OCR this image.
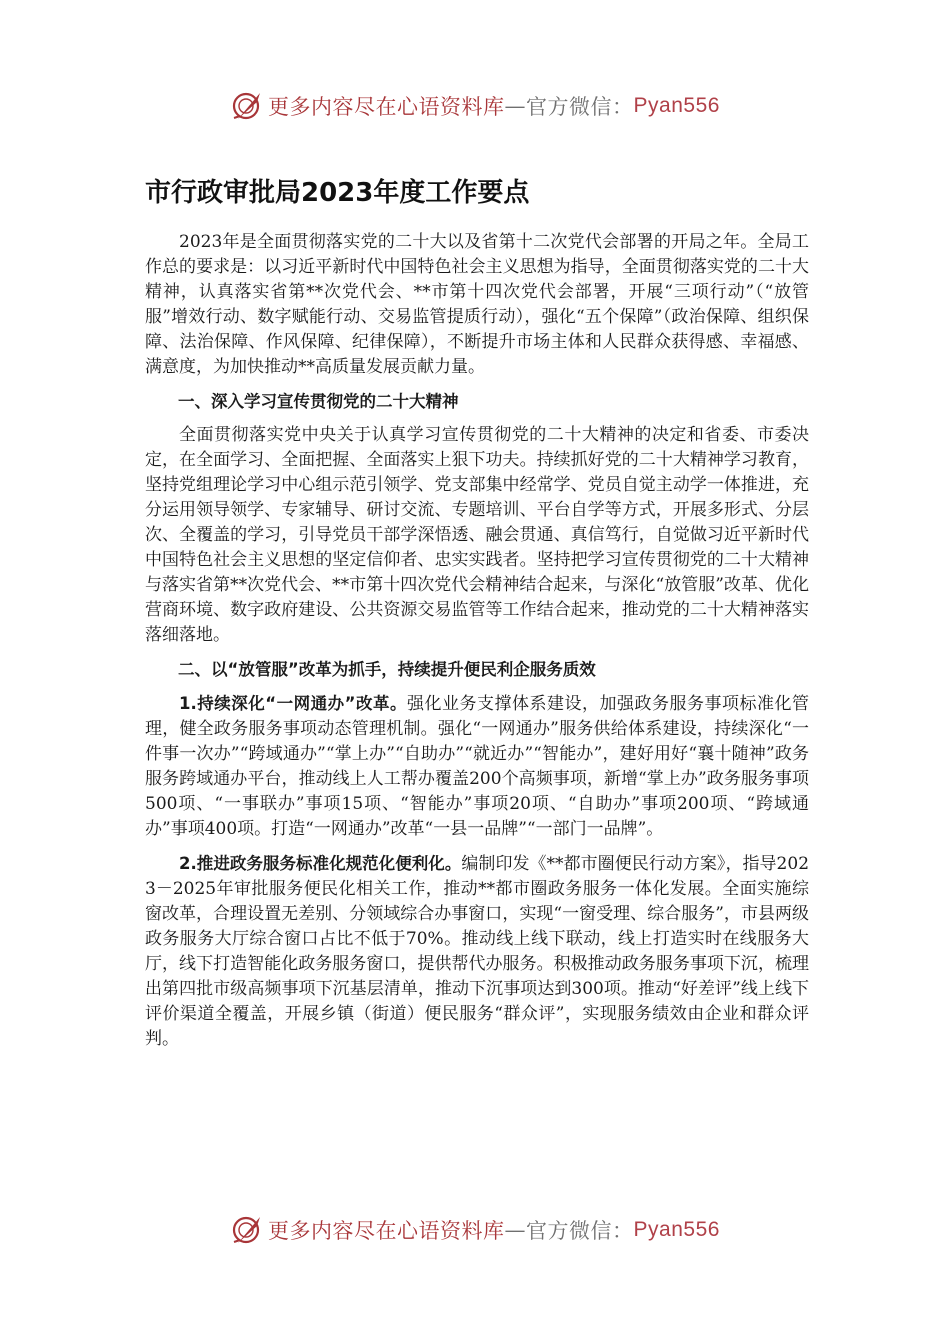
更多内容尽在心语资料库 — 官方微信： Pyan556
市行政审批局2023年度工作要点

2023年是全面贯彻落实党的二十大以及省第十二次党代会部署的开局之年。全局工作总的要求是：以习近平新时代中国特色社会主义思想为指导，全面贯彻落实党的二十大精神，认真落实省第**次党代会、**市第十四次党代会部署，开展“三项行动”（“放管服”增效行动、数字赋能行动、交易监管提质行动），强化“五个保障”（政治保障、组织保障、法治保障、作风保障、纪律保障），不断提升市场主体和人民群众获得感、幸福感、满意度，为加快推动**高质量发展贡献力量。

一、深入学习宣传贯彻党的二十大精神

全面贯彻落实党中央关于认真学习宣传贯彻党的二十大精神的决定和省委、市委决定，在全面学习、全面把握、全面落实上狠下功夫。持续抓好党的二十大精神学习教育，坚持党组理论学习中心组示范引领学、党支部集中经常学、党员自觉主动学一体推进，充分运用领导领学、专家辅导、研讨交流、专题培训、平台自学等方式，开展多形式、分层次、全覆盖的学习，引导党员干部学深悟透、融会贯通、真信笃行，自觉做习近平新时代中国特色社会主义思想的坚定信仰者、忠实实践者。坚持把学习宣传贯彻党的二十大精神与落实省第**次党代会、**市第十四次党代会精神结合起来，与深化“放管服”改革、优化营商环境、数字政府建设、公共资源交易监管等工作结合起来，推动党的二十大精神落实落细落地。

二、以“放管服”改革为抓手，持续提升便民利企服务质效

1.持续深化“一网通办”改革。强化业务支撑体系建设，加强政务服务事项标准化管理，健全政务服务事项动态管理机制。强化“一网通办”服务供给体系建设，持续深化“一件事一次办”“跨域通办”“掌上办”“自助办”“就近办”“智能办”，建好用好“襄十随神”政务服务跨域通办平台，推动线上人工帮办覆盖200个高频事项，新增“掌上办”政务服务事项500项、“一事联办”事项15项、“智能办”事项20项、“自助办”事项200项、“跨域通办”事项400项。打造“一网通办”改革“一县一品牌”“一部门一品牌”。

2.推进政务服务标准化规范化便利化。编制印发《**都市圈便民行动方案》，指导2023－2025年审批服务便民化相关工作，推动**都市圈政务服务一体化发展。全面实施综窗改革，合理设置无差别、分领域综合办事窗口，实现“一窗受理、综合服务”，市县两级政务服务大厅综合窗口占比不低于70%。推动线上线下联动，线上打造实时在线服务大厅，线下打造智能化政务服务窗口，提供帮代办服务。积极推动政务服务事项下沉，梳理出第四批市级高频事项下沉基层清单，推动下沉事项达到300项。推动“好差评”线上线下评价渠道全覆盖，开展乡镇（街道）便民服务“群众评”，实现服务绩效由企业和群众评判。

更多内容尽在心语资料库 — 官方微信： Pyan556
